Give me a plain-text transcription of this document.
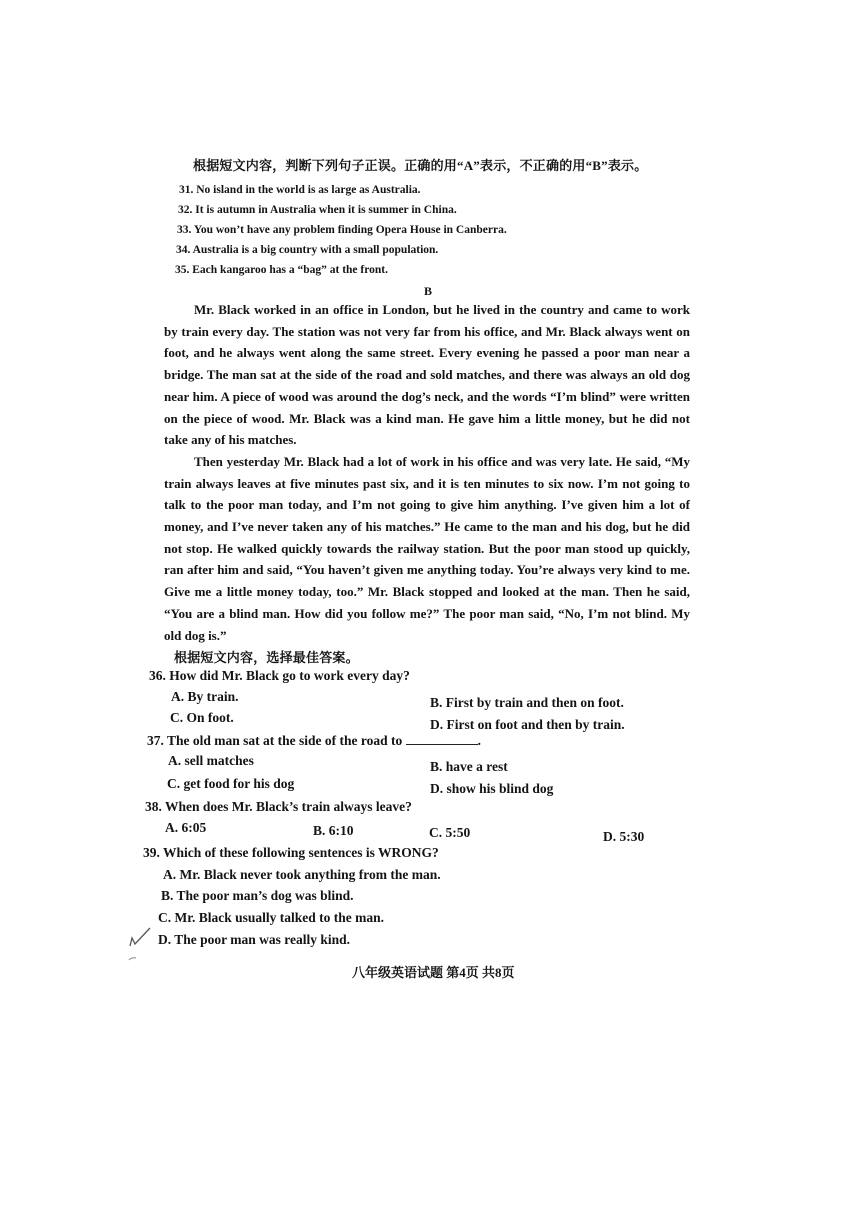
根据短文内容，判断下列句子正误。正确的用“A”表示，不正确的用“B”表示。
31. No island in the world is as large as Australia.
32. It is autumn in Australia when it is summer in China.
33. You won’t have any problem finding Opera House in Canberra.
34. Australia is a big country with a small population.
35. Each kangaroo has a “bag” at the front.
B

Mr. Black worked in an office in London, but he lived in the country and came to work by train every day. The station was not very far from his office, and Mr. Black always went on foot, and he always went along the same street. Every evening he passed a poor man near a bridge. The man sat at the side of the road and sold matches, and there was always an old dog near him. A piece of wood was around the dog’s neck, and the words “I’m blind” were written on the piece of wood. Mr. Black was a kind man. He gave him a little money, but he did not take any of his matches.

Then yesterday Mr. Black had a lot of work in his office and was very late. He said, “My train always leaves at five minutes past six, and it is ten minutes to six now. I’m not going to talk to the poor man today, and I’m not going to give him anything. I’ve given him a lot of money, and I’ve never taken any of his matches.” He came to the man and his dog, but he did not stop. He walked quickly towards the railway station. But the poor man stood up quickly, ran after him and said, “You haven’t given me anything today. You’re always very kind to me. Give me a little money today, too.” Mr. Black stopped and looked at the man. Then he said, “You are a blind man. How did you follow me?” The poor man said, “No, I’m not blind. My old dog is.”

根据短文内容，选择最佳答案。
36. How did Mr. Black go to work every day?
A. By train.	B. First by train and then on foot.
C. On foot.	D. First on foot and then by train.
37. The old man sat at the side of the road to	.
A. sell matches	B. have a rest
C. get food for his dog	D. show his blind dog
38. When does Mr. Black’s train always leave?
A. 6:05	B. 6:10	C. 5:50	D. 5:30
39. Which of these following sentences is WRONG?
A. Mr. Black never took anything from the man.
B. The poor man’s dog was blind.
C. Mr. Black usually talked to the man.
D. The poor man was really kind.
八年级英语试题 第4页 共8页
